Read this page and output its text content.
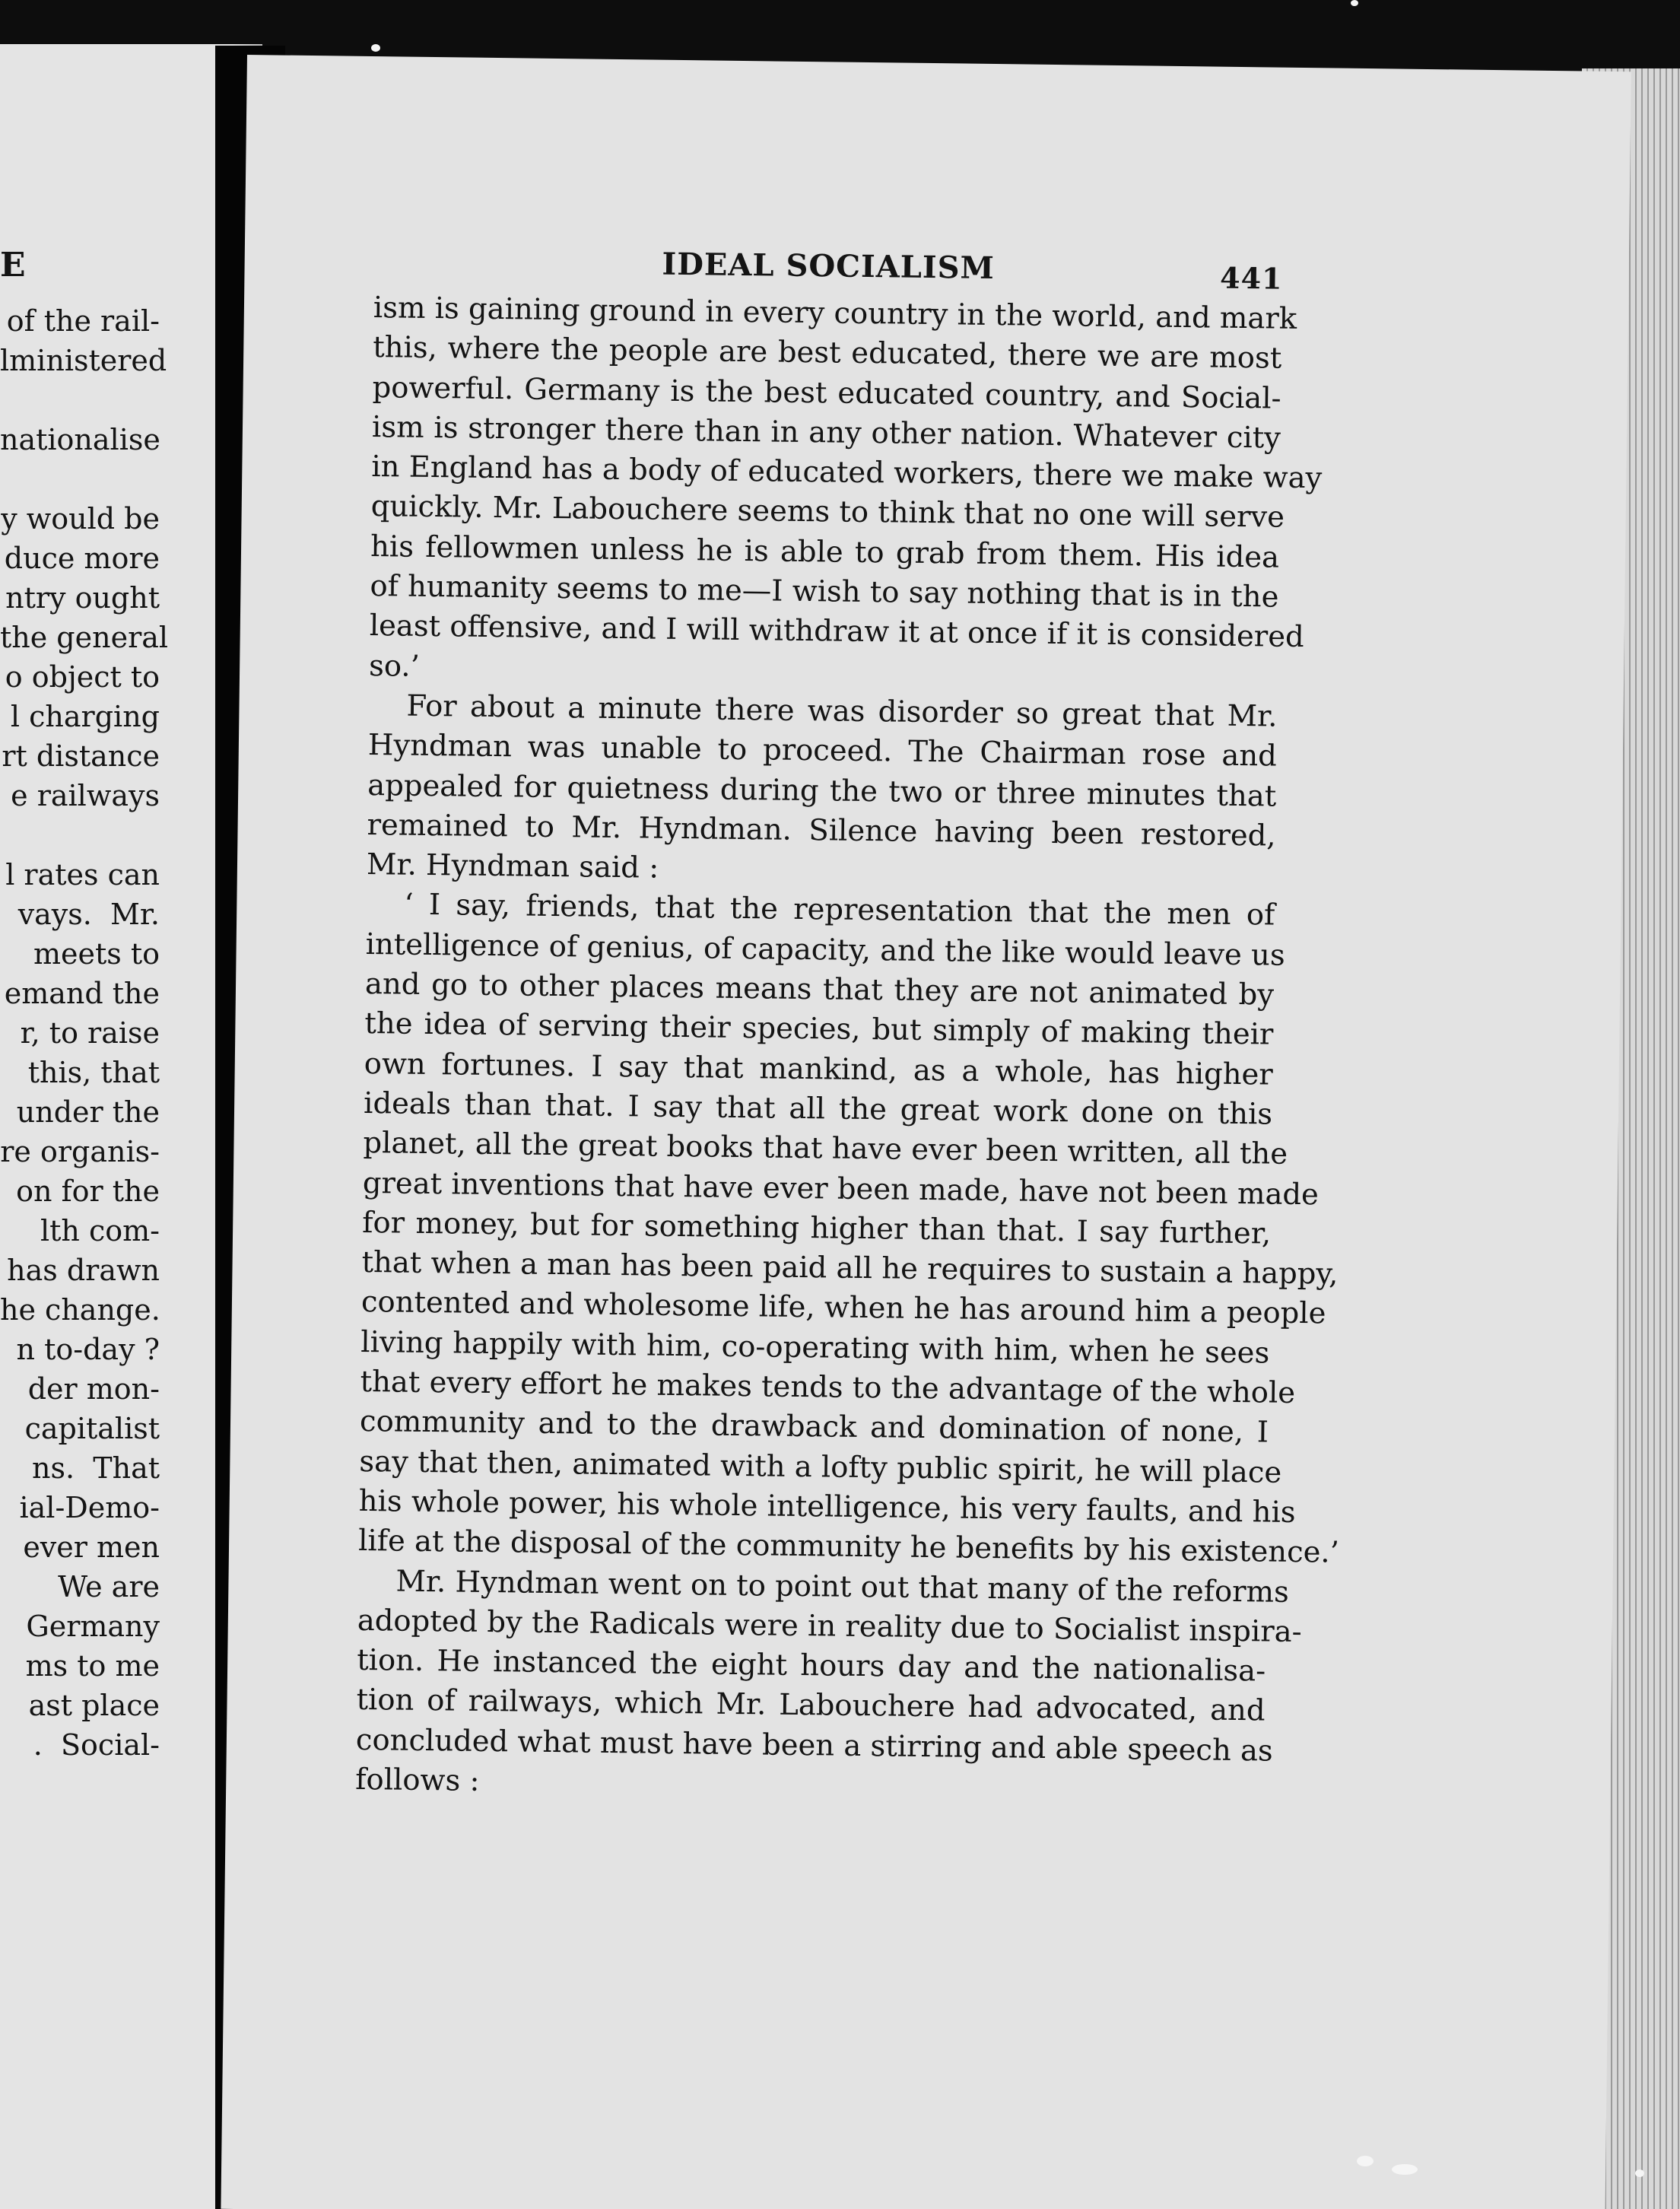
E
of the rail-
lministered
nationalise
y would be
duce more
ntry ought
the general
o object to
l charging
rt distance
e railways
l rates can
vays.  Mr.
meets to
emand the
r, to raise
this, that
under the
re organis-
on for the
lth com-
has drawn
he change.
n to-day ?
der mon-
capitalist
ns.  That
ial-Demo-
ever men
We are
Germany
ms to me
ast place
.  Social-
IDEAL SOCIALISM	441
ism is gaining ground in every country in the world, and mark
this, where the people are best educated, there we are most
powerful. Germany is the best educated country, and Social-
ism is stronger there than in any other nation. Whatever city
in England has a body of educated workers, there we make way
quickly. Mr. Labouchere seems to think that no one will serve
his fellowmen unless he is able to grab from them. His idea
of humanity seems to me—I wish to say nothing that is in the
least offensive, and I will withdraw it at once if it is considered
so.’
For about a minute there was disorder so great that Mr.
Hyndman was unable to proceed. The Chairman rose and
appealed for quietness during the two or three minutes that
remained to Mr. Hyndman. Silence having been restored,
Mr. Hyndman said :
‘ I say, friends, that the representation that the men of
intelligence of genius, of capacity, and the like would leave us
and go to other places means that they are not animated by
the idea of serving their species, but simply of making their
own fortunes. I say that mankind, as a whole, has higher
ideals than that. I say that all the great work done on this
planet, all the great books that have ever been written, all the
great inventions that have ever been made, have not been made
for money, but for something higher than that. I say further,
that when a man has been paid all he requires to sustain a happy,
contented and wholesome life, when he has around him a people
living happily with him, co-operating with him, when he sees
that every effort he makes tends to the advantage of the whole
community and to the drawback and domination of none, I
say that then, animated with a lofty public spirit, he will place
his whole power, his whole intelligence, his very faults, and his
life at the disposal of the community he benefits by his existence.’
Mr. Hyndman went on to point out that many of the reforms
adopted by the Radicals were in reality due to Socialist inspira-
tion. He instanced the eight hours day and the nationalisa-
tion of railways, which Mr. Labouchere had advocated, and
concluded what must have been a stirring and able speech as
follows :
